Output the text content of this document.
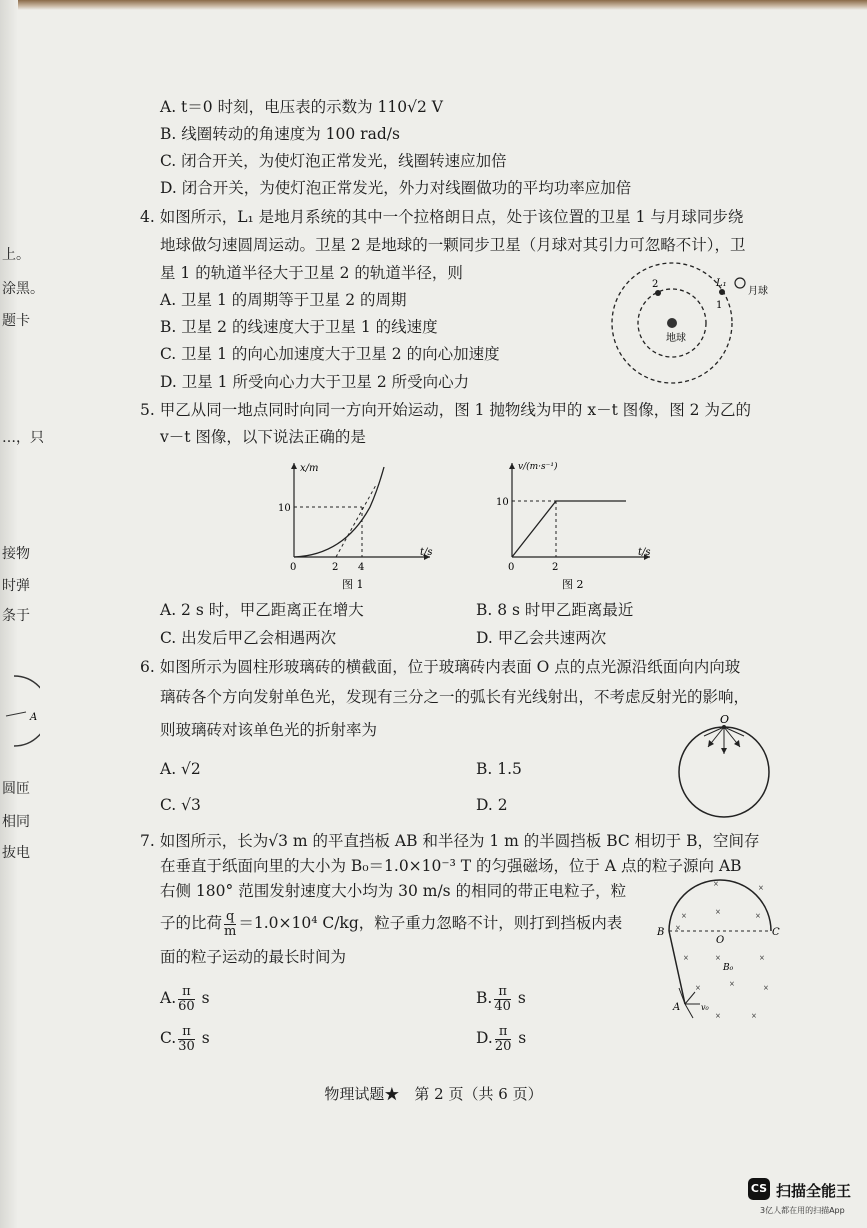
上。
涂黑。
题卡
…，只
接物
时弹
条于
A
圆匝
相同
抜电
A. t＝0 时刻，电压表的示数为 110√2 V
B. 线圈转动的角速度为 100 rad/s
C. 闭合开关，为使灯泡正常发光，线圈转速应加倍
D. 闭合开关，为使灯泡正常发光，外力对线圈做功的平均功率应加倍
4. 如图所示，L₁ 是地月系统的其中一个拉格朗日点，处于该位置的卫星 1 与月球同步绕
地球做匀速圆周运动。卫星 2 是地球的一颗同步卫星（月球对其引力可忽略不计），卫
星 1 的轨道半径大于卫星 2 的轨道半径，则
A. 卫星 1 的周期等于卫星 2 的周期
B. 卫星 2 的线速度大于卫星 1 的线速度
C. 卫星 1 的向心加速度大于卫星 2 的向心加速度
D. 卫星 1 所受向心力大于卫星 2 所受向心力
地球
2
1
L₁
月球
5. 甲乙从同一地点同时向同一方向开始运动，图 1 抛物线为甲的 x－t 图像，图 2 为乙的
v－t 图像，以下说法正确的是
x/m
t/s
10
0	2 4
图 1
v/(m·s⁻¹)
t/s
10
0	2
图 2
A. 2 s 时，甲乙距离正在增大	B. 8 s 时甲乙距离最近
C. 出发后甲乙会相遇两次	D. 甲乙会共速两次
6. 如图所示为圆柱形玻璃砖的横截面，位于玻璃砖内表面 O 点的点光源沿纸面向内向玻
璃砖各个方向发射单色光，发现有三分之一的弧长有光线射出，不考虑反射光的影响，
则玻璃砖对该单色光的折射率为
A. √2	B. 1.5
C. √3	D. 2
O
7. 如图所示，长为√3 m 的平直挡板 AB 和半径为 1 m 的半圆挡板 BC 相切于 B，空间存
在垂直于纸面向里的大小为 B₀＝1.0×10⁻³ T 的匀强磁场，位于 A 点的粒子源向 AB
右侧 180° 范围发射速度大小均为 30 m/s 的相同的带正电粒子，粒
子的比荷 $\frac{q}{m} =1.0\times 10^4$ C/kg，粒子重力忽略不计，则打到挡板内表
面的粒子运动的最长时间为
A. $\frac{\pi}{60}$ s	B. $\frac{\pi}{40}$ s
C. $\frac{\pi}{30}$ s	D. $\frac{\pi}{20}$ s
B	C
O
B₀
A	v₀
×	×
×	×	×
×
×	×	×
×	×	×
×	×
物理试题★　第 2 页（共 6 页）
CS 扫描全能王
3亿人都在用的扫描App
